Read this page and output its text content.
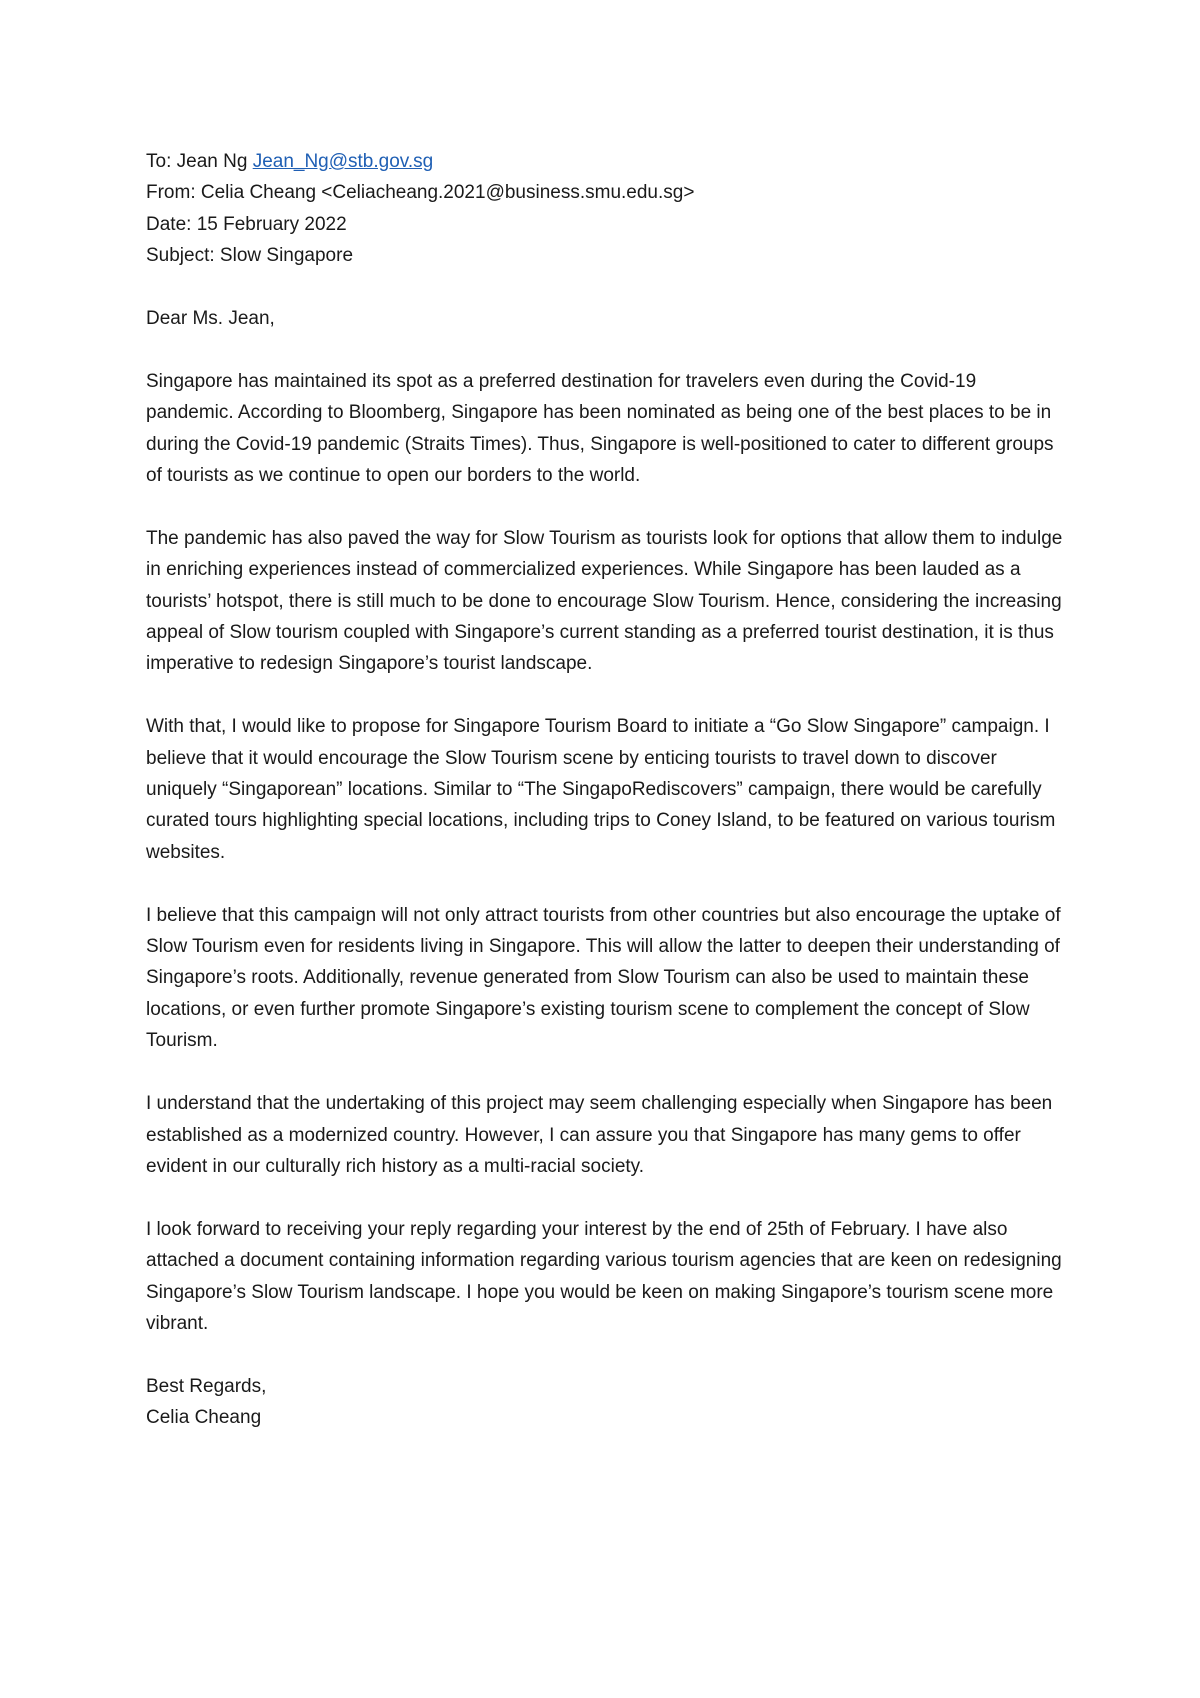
To: Jean Ng Jean_Ng@stb.gov.sg

From: Celia Cheang <Celiacheang.2021@business.smu.edu.sg>

Date: 15 February 2022

Subject: Slow Singapore

Dear Ms. Jean,

Singapore has maintained its spot as a preferred destination for travelers even during the Covid-19 pandemic. According to Bloomberg, Singapore has been nominated as being one of the best places to be in during the Covid-19 pandemic (Straits Times). Thus, Singapore is well-positioned to cater to different groups of tourists as we continue to open our borders to the world.

The pandemic has also paved the way for Slow Tourism as tourists look for options that allow them to indulge in enriching experiences instead of commercialized experiences. While Singapore has been lauded as a tourists’ hotspot, there is still much to be done to encourage Slow Tourism. Hence, considering the increasing appeal of Slow tourism coupled with Singapore’s current standing as a preferred tourist destination, it is thus imperative to redesign Singapore’s tourist landscape.

With that, I would like to propose for Singapore Tourism Board to initiate a “Go Slow Singapore” campaign. I believe that it would encourage the Slow Tourism scene by enticing tourists to travel down to discover uniquely “Singaporean” locations. Similar to “The SingapoRediscovers” campaign, there would be carefully curated tours highlighting special locations, including trips to Coney Island, to be featured on various tourism websites.

I believe that this campaign will not only attract tourists from other countries but also encourage the uptake of Slow Tourism even for residents living in Singapore. This will allow the latter to deepen their understanding of Singapore’s roots. Additionally, revenue generated from Slow Tourism can also be used to maintain these locations, or even further promote Singapore’s existing tourism scene to complement the concept of Slow Tourism.

I understand that the undertaking of this project may seem challenging especially when Singapore has been established as a modernized country. However, I can assure you that Singapore has many gems to offer evident in our culturally rich history as a multi-racial society.

I look forward to receiving your reply regarding your interest by the end of 25th of February. I have also attached a document containing information regarding various tourism agencies that are keen on redesigning Singapore’s Slow Tourism landscape. I hope you would be keen on making Singapore’s tourism scene more vibrant.

Best Regards,

Celia Cheang
